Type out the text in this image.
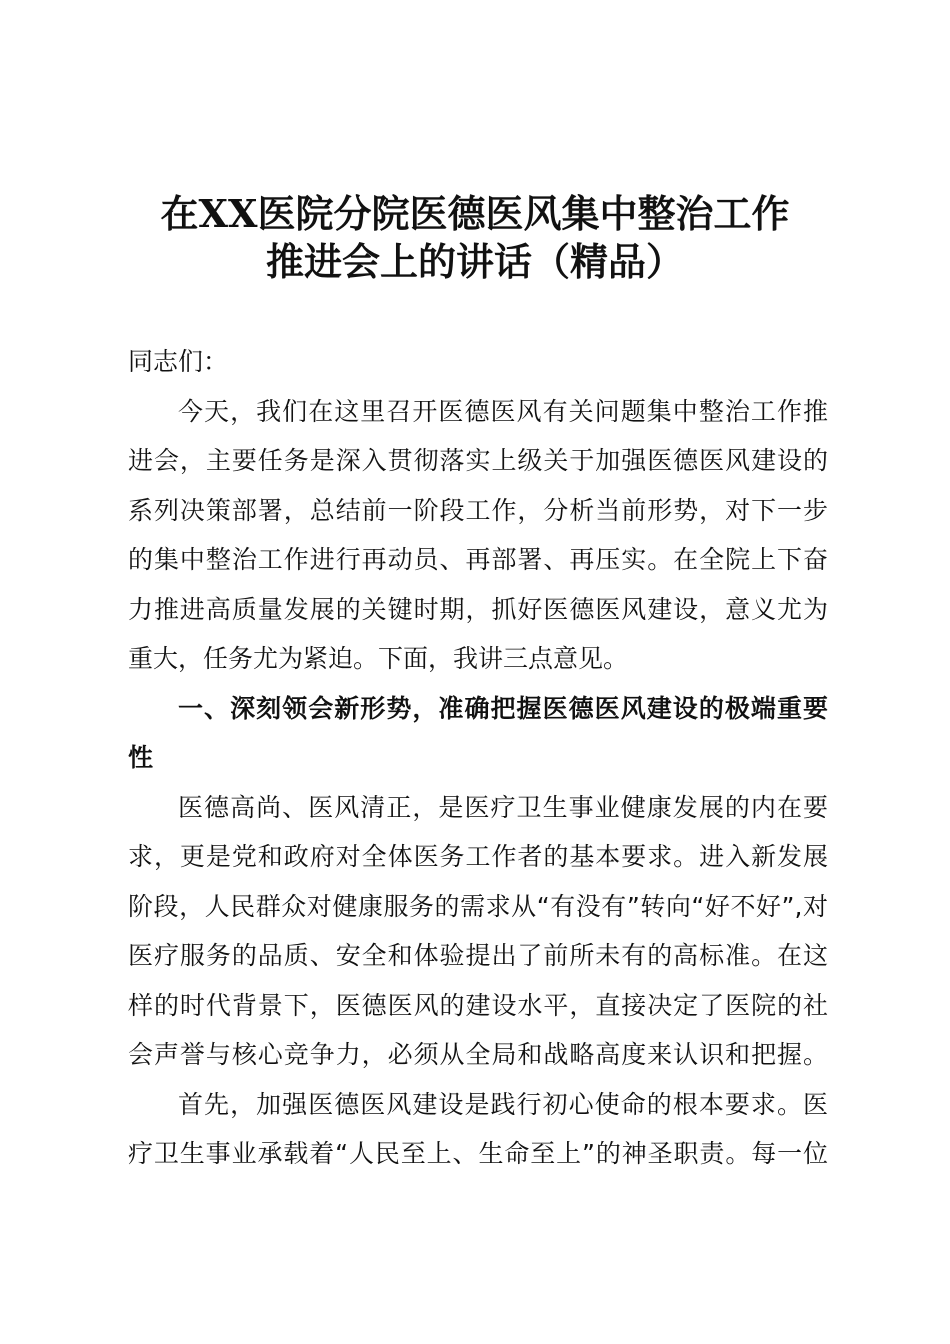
在XX医院分院医德医风集中整治工作
推进会上的讲话（精品）
同志们：
今天，我们在这里召开医德医风有关问题集中整治工作推
进会，主要任务是深入贯彻落实上级关于加强医德医风建设的
系列决策部署，总结前一阶段工作，分析当前形势，对下一步
的集中整治工作进行再动员、再部署、再压实。在全院上下奋
力推进高质量发展的关键时期，抓好医德医风建设，意义尤为
重大，任务尤为紧迫。下面，我讲三点意见。
一、深刻领会新形势，准确把握医德医风建设的极端重要
性
医德高尚、医风清正，是医疗卫生事业健康发展的内在要
求，更是党和政府对全体医务工作者的基本要求。进入新发展
阶段，人民群众对健康服务的需求从“有没有”转向“好不好”,对
医疗服务的品质、安全和体验提出了前所未有的高标准。在这
样的时代背景下，医德医风的建设水平，直接决定了医院的社
会声誉与核心竞争力，必须从全局和战略高度来认识和把握。
首先，加强医德医风建设是践行初心使命的根本要求。医
疗卫生事业承载着“人民至上、生命至上”的神圣职责。每一位
